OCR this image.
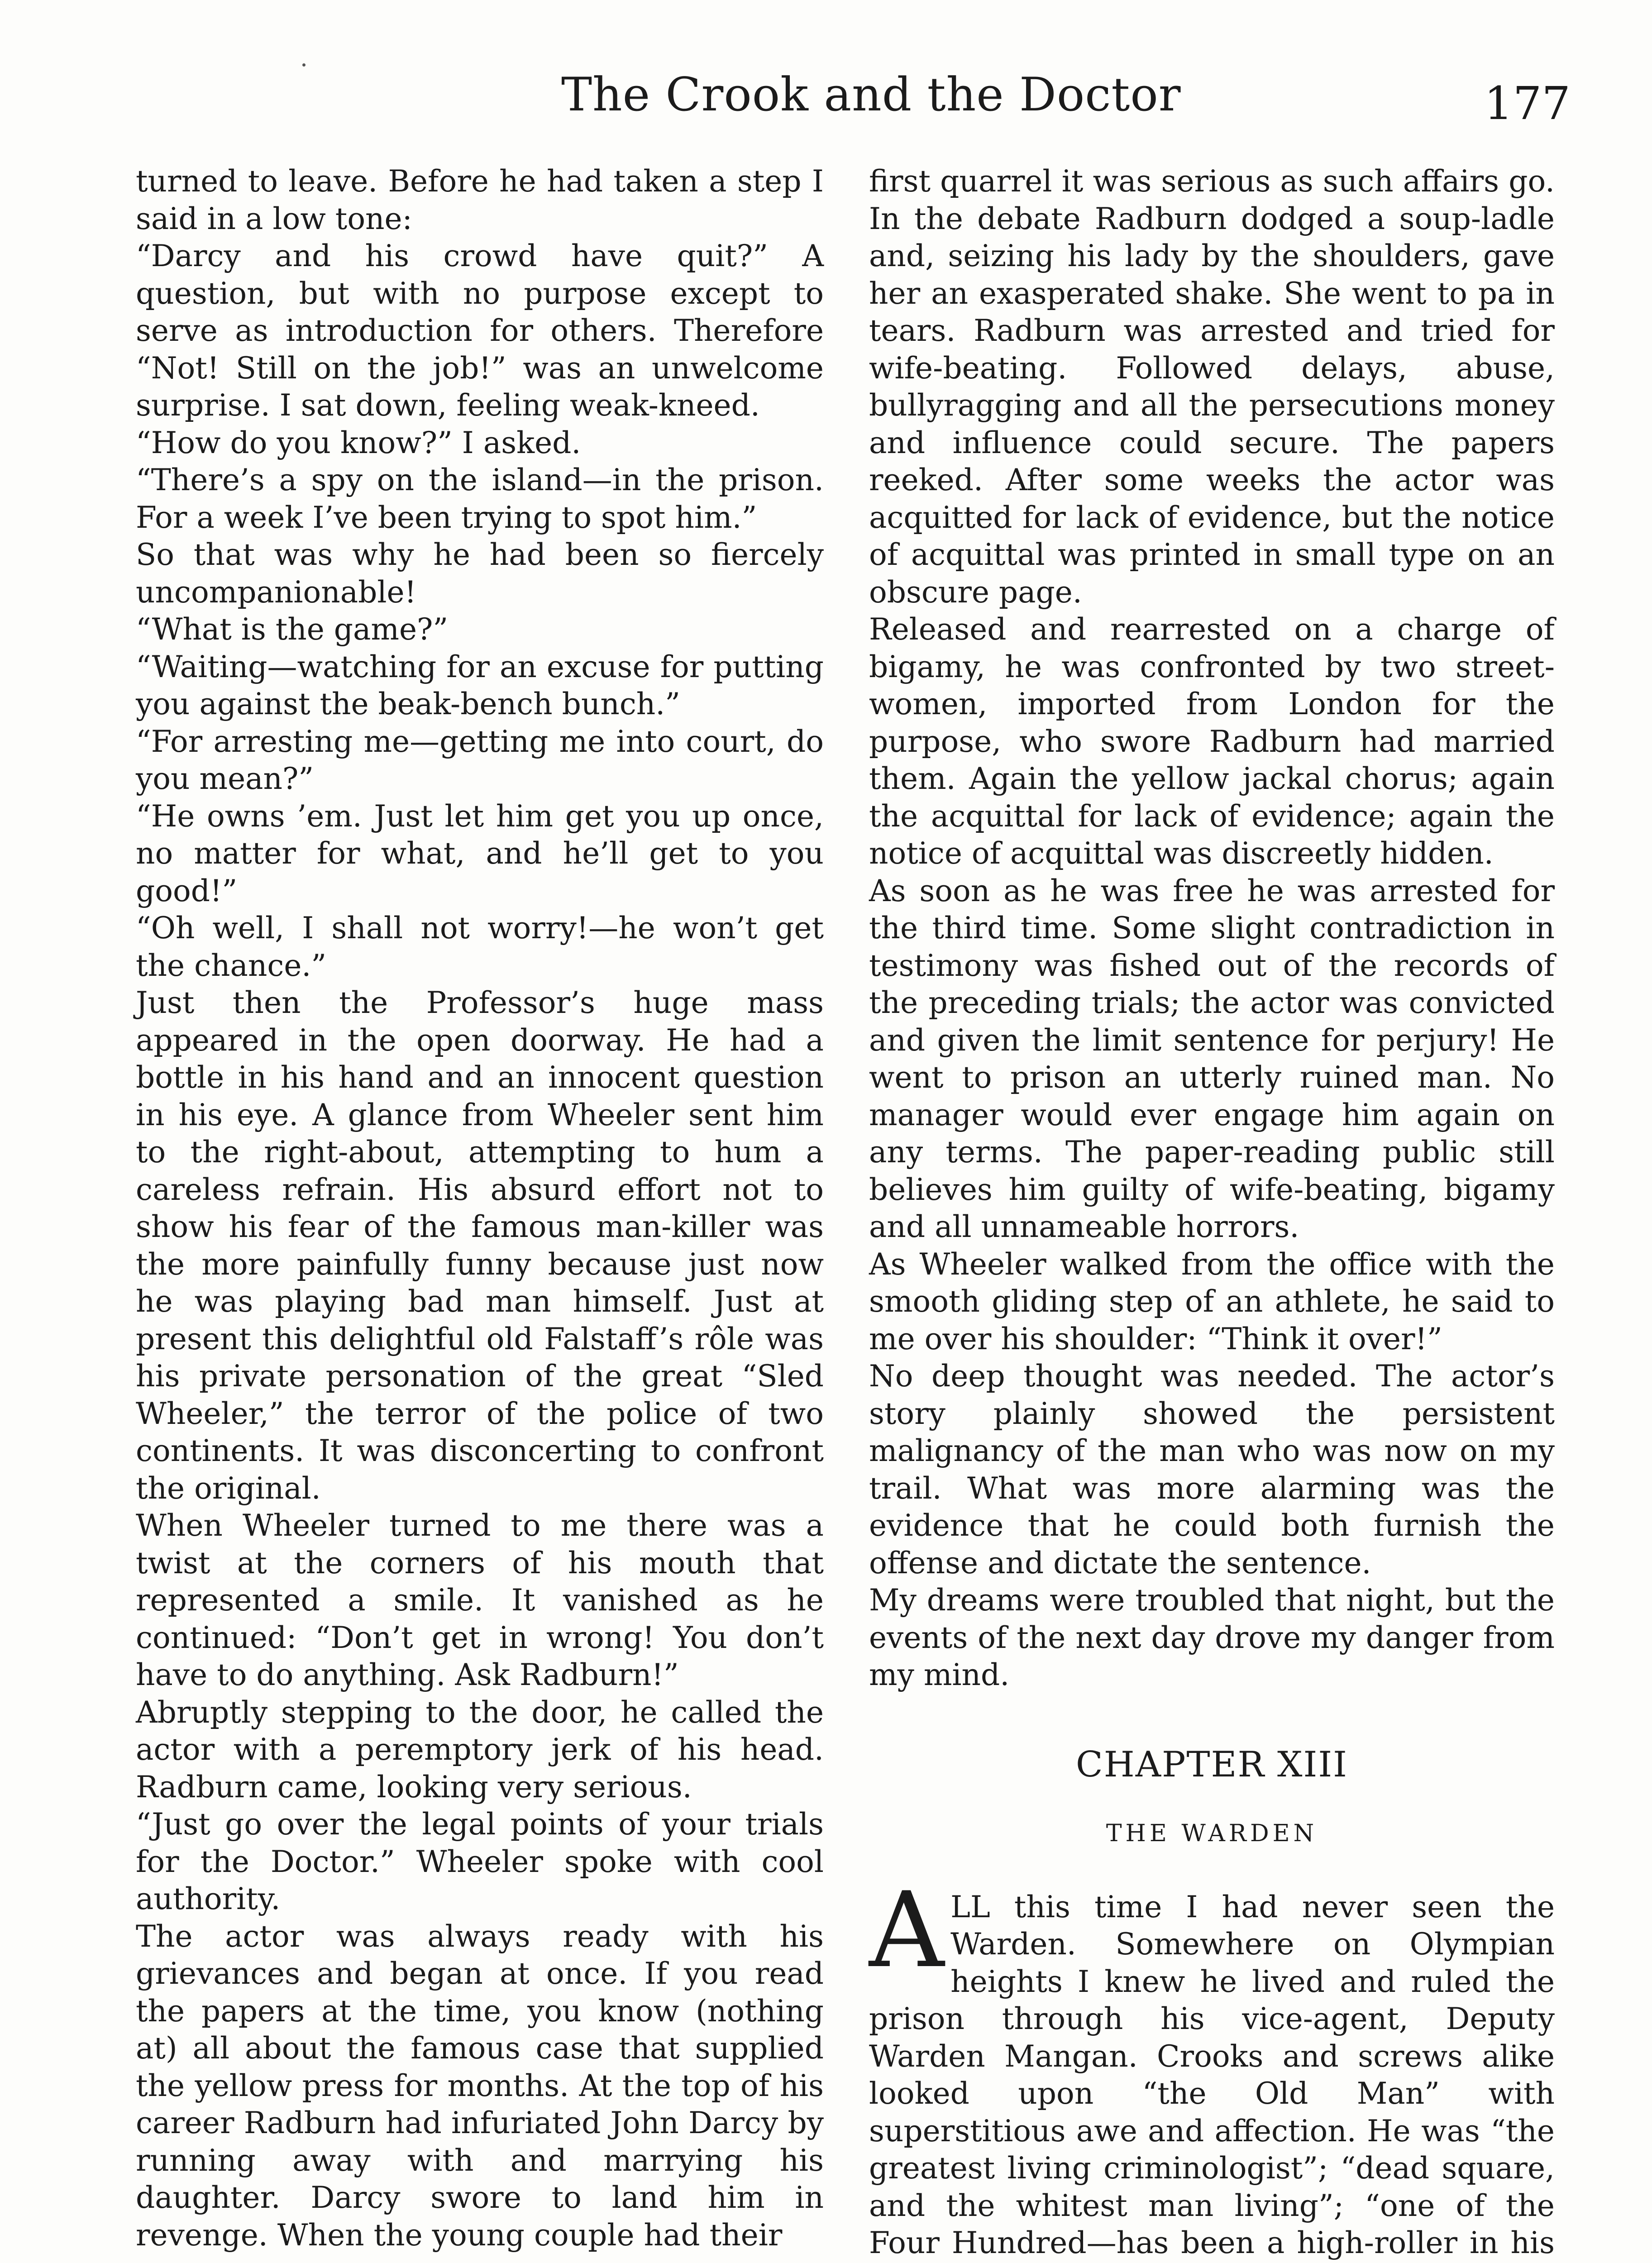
The Crook and the Doctor	177

turned to leave. Before he had taken a step I said in a low tone:

“Darcy and his crowd have quit?” A question, but with no purpose except to serve as introduction for others. Therefore “Not! Still on the job!” was an unwelcome surprise. I sat down, feeling weak-kneed.

“How do you know?” I asked.

“There’s a spy on the island—in the prison. For a week I’ve been trying to spot him.”

So that was why he had been so fiercely uncompanionable!

“What is the game?”

“Waiting—watching for an excuse for putting you against the beak-bench bunch.”

“For arresting me—getting me into court, do you mean?”

“He owns ’em. Just let him get you up once, no matter for what, and he’ll get to you good!”

“Oh well, I shall not worry!—he won’t get the chance.”

Just then the Professor’s huge mass appeared in the open doorway. He had a bottle in his hand and an innocent question in his eye. A glance from Wheeler sent him to the right-about, attempting to hum a careless refrain. His absurd effort not to show his fear of the famous man-killer was the more painfully funny because just now he was playing bad man himself. Just at present this delightful old Falstaff’s rôle was his private personation of the great “Sled Wheeler,” the terror of the police of two continents. It was disconcerting to confront the original.

When Wheeler turned to me there was a twist at the corners of his mouth that represented a smile. It vanished as he continued: “Don’t get in wrong! You don’t have to do anything. Ask Radburn!”

Abruptly stepping to the door, he called the actor with a peremptory jerk of his head. Radburn came, looking very serious.

“Just go over the legal points of your trials for the Doctor.” Wheeler spoke with cool authority.

The actor was always ready with his grievances and began at once. If you read the papers at the time, you know (nothing at) all about the famous case that supplied the yellow press for months. At the top of his career Radburn had infuriated John Darcy by running away with and marrying his daughter. Darcy swore to land him in revenge. When the young couple had their

first quarrel it was serious as such affairs go. In the debate Radburn dodged a soup-ladle and, seizing his lady by the shoulders, gave her an exasperated shake. She went to pa in tears. Radburn was arrested and tried for wife-beating. Followed delays, abuse, bullyragging and all the persecutions money and influence could secure. The papers reeked. After some weeks the actor was acquitted for lack of evidence, but the notice of acquittal was printed in small type on an obscure page.

Released and rearrested on a charge of bigamy, he was confronted by two street-women, imported from London for the purpose, who swore Radburn had married them. Again the yellow jackal chorus; again the acquittal for lack of evidence; again the notice of acquittal was discreetly hidden.

As soon as he was free he was arrested for the third time. Some slight contradiction in testimony was fished out of the records of the preceding trials; the actor was convicted and given the limit sentence for perjury! He went to prison an utterly ruined man. No manager would ever engage him again on any terms. The paper-reading public still believes him guilty of wife-beating, bigamy and all unnameable horrors.

As Wheeler walked from the office with the smooth gliding step of an athlete, he said to me over his shoulder: “Think it over!”

No deep thought was needed. The actor’s story plainly showed the persistent malignancy of the man who was now on my trail. What was more alarming was the evidence that he could both furnish the offense and dictate the sentence.

My dreams were troubled that night, but the events of the next day drove my danger from my mind.

CHAPTER XIII
THE WARDEN

ALL this time I had never seen the Warden. Somewhere on Olympian heights I knew he lived and ruled the prison through his vice-agent, Deputy Warden Mangan. Crooks and screws alike looked upon “the Old Man” with superstitious awe and affection. He was “the greatest living criminologist”; “dead square, and the whitest man living”; “one of the Four Hundred—has been a high-roller in his
